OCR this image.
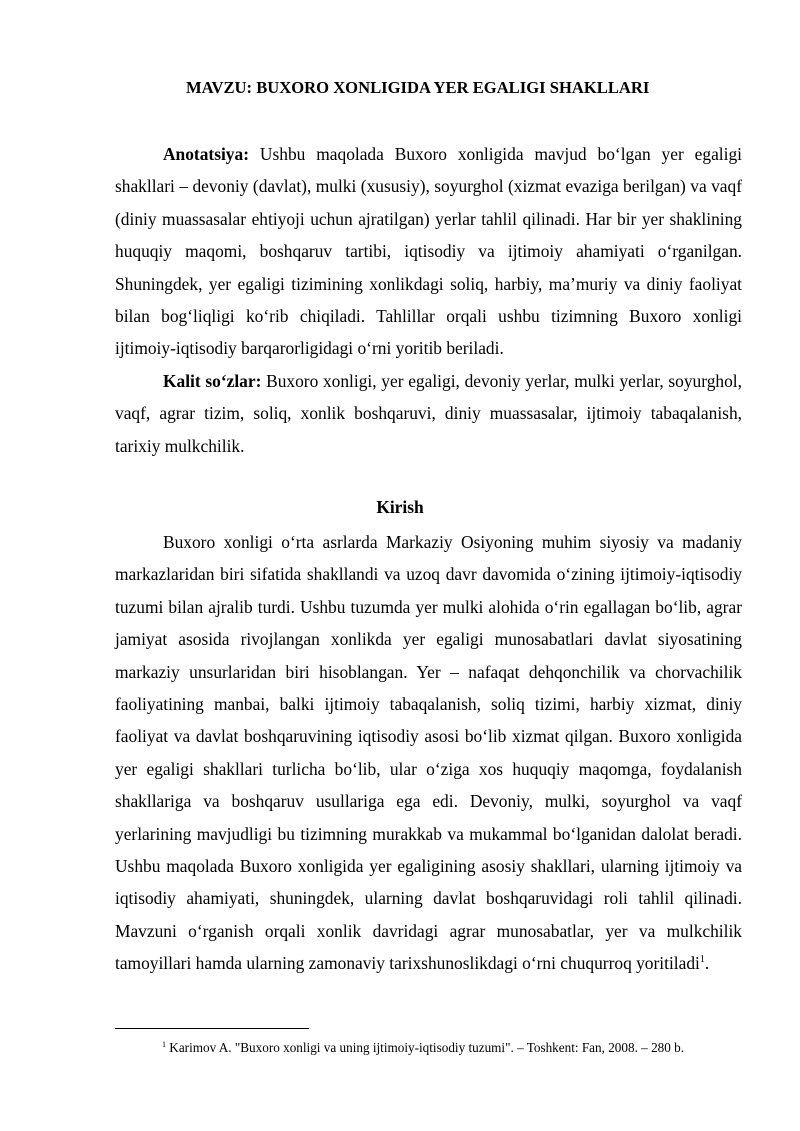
MAVZU: BUXORO XONLIGIDA YER EGALIGI SHAKLLARI

Anotatsiya: Ushbu maqolada Buxoro xonligida mavjud bo‘lgan yer egaligi shakllari – devoniy (davlat), mulki (xususiy), soyurghol (xizmat evaziga berilgan) va vaqf (diniy muassasalar ehtiyoji uchun ajratilgan) yerlar tahlil qilinadi. Har bir yer shaklining huquqiy maqomi, boshqaruv tartibi, iqtisodiy va ijtimoiy ahamiyati o‘rganilgan. Shuningdek, yer egaligi tizimining xonlikdagi soliq, harbiy, ma’muriy va diniy faoliyat bilan bog‘liqligi ko‘rib chiqiladi. Tahlillar orqali ushbu tizimning Buxoro xonligi ijtimoiy-iqtisodiy barqarorligidagi o‘rni yoritib beriladi.

Kalit so‘zlar: Buxoro xonligi, yer egaligi, devoniy yerlar, mulki yerlar, soyurghol, vaqf, agrar tizim, soliq, xonlik boshqaruvi, diniy muassasalar, ijtimoiy tabaqalanish, tarixiy mulkchilik.

Kirish

Buxoro xonligi o‘rta asrlarda Markaziy Osiyoning muhim siyosiy va madaniy markazlaridan biri sifatida shakllandi va uzoq davr davomida o‘zining ijtimoiy-iqtisodiy tuzumi bilan ajralib turdi. Ushbu tuzumda yer mulki alohida o‘rin egallagan bo‘lib, agrar jamiyat asosida rivojlangan xonlikda yer egaligi munosabatlari davlat siyosatining markaziy unsurlaridan biri hisoblangan. Yer – nafaqat dehqonchilik va chorvachilik faoliyatining manbai, balki ijtimoiy tabaqalanish, soliq tizimi, harbiy xizmat, diniy faoliyat va davlat boshqaruvining iqtisodiy asosi bo‘lib xizmat qilgan. Buxoro xonligida yer egaligi shakllari turlicha bo‘lib, ular o‘ziga xos huquqiy maqomga, foydalanish shakllariga va boshqaruv usullariga ega edi. Devoniy, mulki, soyurghol va vaqf yerlarining mavjudligi bu tizimning murakkab va mukammal bo‘lganidan dalolat beradi. Ushbu maqolada Buxoro xonligida yer egaligining asosiy shakllari, ularning ijtimoiy va iqtisodiy ahamiyati, shuningdek, ularning davlat boshqaruvidagi roli tahlil qilinadi. Mavzuni o‘rganish orqali xonlik davridagi agrar munosabatlar, yer va mulkchilik tamoyillari hamda ularning zamonaviy tarixshunoslikdagi o‘rni chuqurroq yoritiladi$^1$.

$^1$ Karimov A. "Buxoro xonligi va uning ijtimoiy-iqtisodiy tuzumi". – Toshkent: Fan, 2008. – 280 b.
